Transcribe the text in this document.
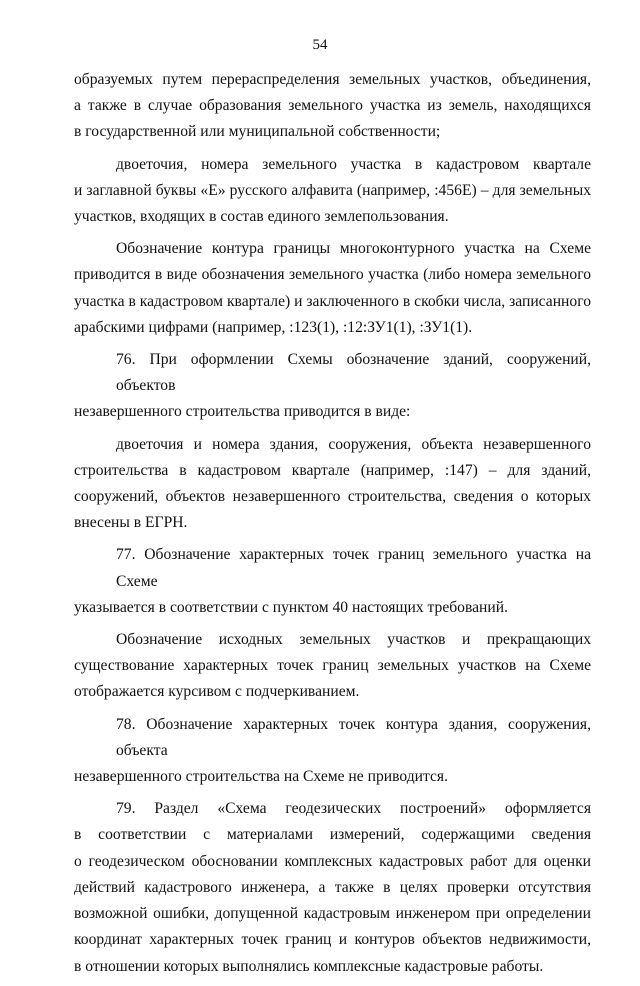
54
образуемых путем перераспределения земельных участков, объединения,
а также в случае образования земельного участка из земель, находящихся
в государственной или муниципальной собственности;
двоеточия, номера земельного участка в кадастровом квартале
и заглавной буквы «Е» русского алфавита (например, :456Е) – для земельных
участков, входящих в состав единого землепользования.
Обозначение контура границы многоконтурного участка на Схеме
приводится в виде обозначения земельного участка (либо номера земельного
участка в кадастровом квартале) и заключенного в скобки числа, записанного
арабскими цифрами (например, :123(1), :12:ЗУ1(1), :ЗУ1(1).
76. При оформлении Схемы обозначение зданий, сооружений, объектов
незавершенного строительства приводится в виде:
двоеточия и номера здания, сооружения, объекта незавершенного
строительства в кадастровом квартале (например, :147) – для зданий,
сооружений, объектов незавершенного строительства, сведения о которых
внесены в ЕГРН.
77. Обозначение характерных точек границ земельного участка на Схеме
указывается в соответствии с пунктом 40 настоящих требований.
Обозначение исходных земельных участков и прекращающих
существование характерных точек границ земельных участков на Схеме
отображается курсивом с подчеркиванием.
78. Обозначение характерных точек контура здания, сооружения, объекта
незавершенного строительства на Схеме не приводится.
79. Раздел «Схема геодезических построений» оформляется
в соответствии с материалами измерений, содержащими сведения
о геодезическом обосновании комплексных кадастровых работ для оценки
действий кадастрового инженера, а также в целях проверки отсутствия
возможной ошибки, допущенной кадастровым инженером при определении
координат характерных точек границ и контуров объектов недвижимости,
в отношении которых выполнялись комплексные кадастровые работы.
